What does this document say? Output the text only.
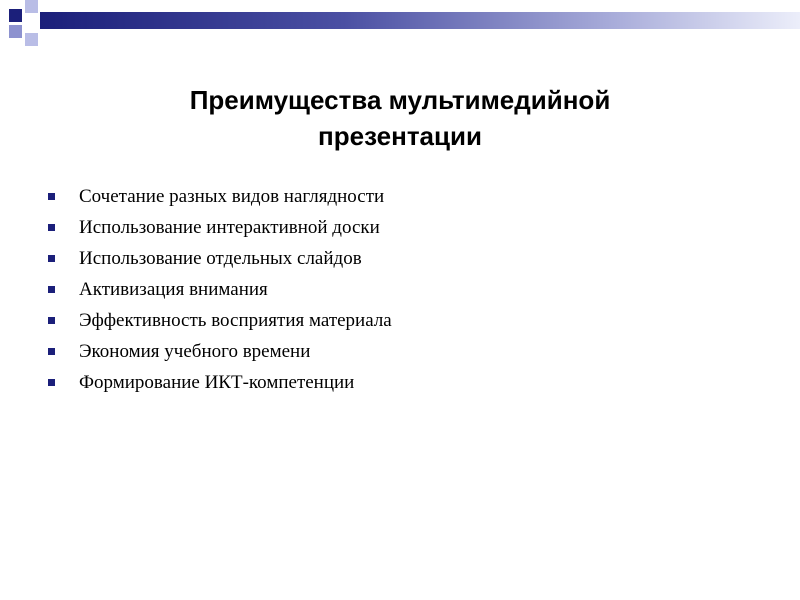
Преимущества мультимедийной
презентации
Сочетание разных видов наглядности
Использование интерактивной доски
Использование отдельных слайдов
Активизация внимания
Эффективность восприятия материала
Экономия учебного времени
Формирование ИКТ-компетенции
